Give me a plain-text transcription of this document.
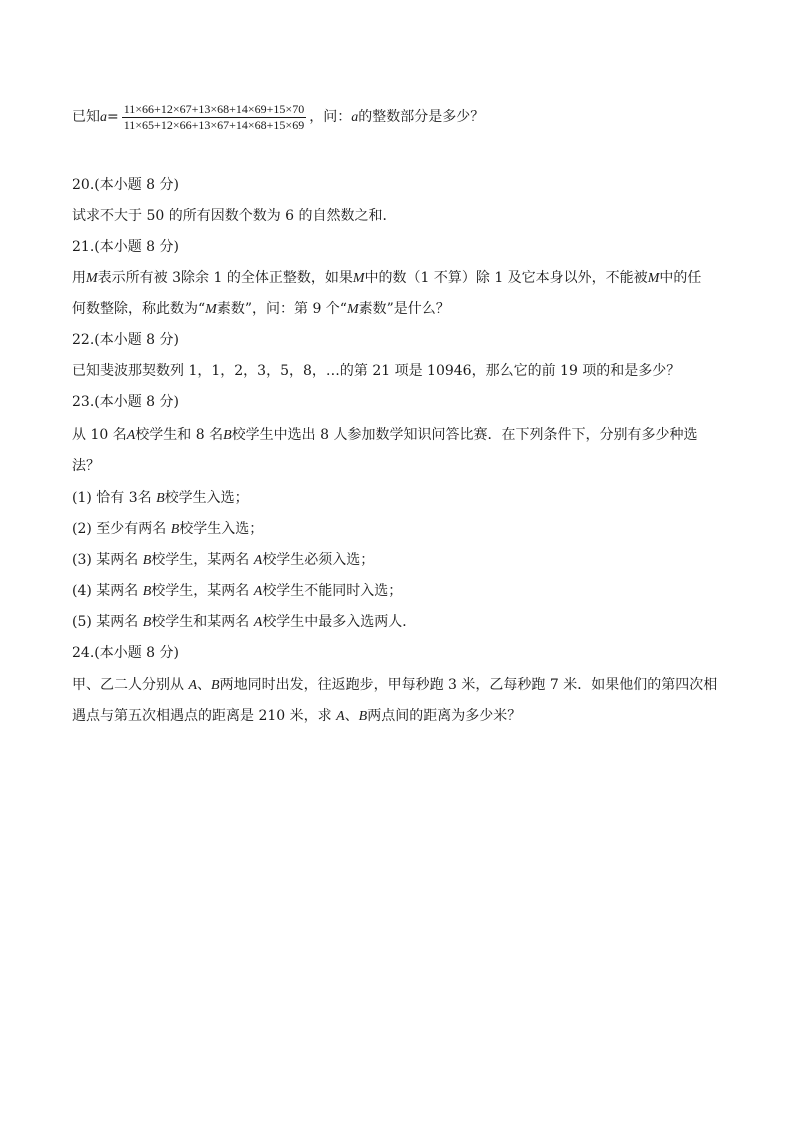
已知$a= \frac{11\times 66+12\times 67+13\times 68+14\times 69+15\times 70}{11\times 65+12\times 66+13\times 67+14\times 68+15\times 69}$ ，问：a的整数部分是多少？
20.(本小题 8 分)
试求不大于 50 的所有因数个数为 6 的自然数之和．
21.(本小题 8 分)
用M表示所有被 3除余 1 的全体正整数，如果M中的数（1 不算）除 1 及它本身以外，不能被M中的任
何数整除，称此数为“M素数”，问：第 9 个“M素数”是什么？
22.(本小题 8 分)
已知斐波那契数列 1，1，2，3，5，8，…的第 21 项是 10946，那么它的前 19 项的和是多少？
23.(本小题 8 分)
从 10 名A校学生和 8 名B校学生中选出 8 人参加数学知识问答比赛．在下列条件下，分别有多少种选
法？
(1) 恰有 3名 B校学生入选；
(2) 至少有两名 B校学生入选；
(3) 某两名 B校学生，某两名 A校学生必须入选；
(4) 某两名 B校学生，某两名 A校学生不能同时入选；
(5) 某两名 B校学生和某两名 A校学生中最多入选两人．
24.(本小题 8 分)
甲、乙二人分别从 A、B两地同时出发，往返跑步，甲每秒跑 3 米，乙每秒跑 7 米．如果他们的第四次相
遇点与第五次相遇点的距离是 210 米，求 A、B两点间的距离为多少米？
